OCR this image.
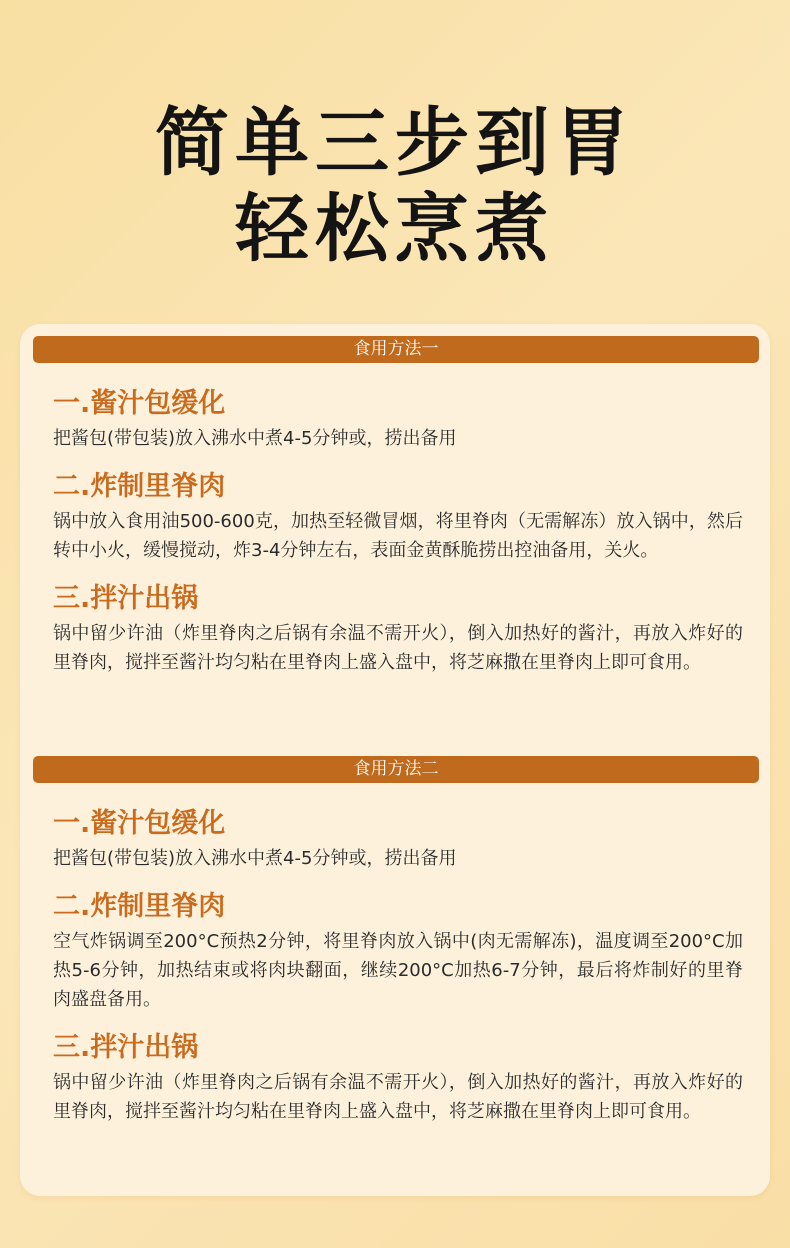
简单三步到胃
轻松烹煮
食用方法一

一.酱汁包缓化

把酱包(带包装)放入沸水中煮4-5分钟或，捞出备用

二.炸制里脊肉

锅中放入食用油500-600克，加热至轻微冒烟，将里脊肉（无需解冻）放入锅中，然后转中小火，缓慢搅动，炸3-4分钟左右，表面金黄酥脆捞出控油备用，关火。

三.拌汁出锅

锅中留少许油（炸里脊肉之后锅有余温不需开火），倒入加热好的酱汁，再放入炸好的里脊肉，搅拌至酱汁均匀粘在里脊肉上盛入盘中，将芝麻撒在里脊肉上即可食用。

食用方法二

一.酱汁包缓化

把酱包(带包装)放入沸水中煮4-5分钟或，捞出备用

二.炸制里脊肉

空气炸锅调至200°C预热2分钟，将里脊肉放入锅中(肉无需解冻)，温度调至200°C加热5-6分钟，加热结束或将肉块翻面，继续200°C加热6-7分钟，最后将炸制好的里脊肉盛盘备用。

三.拌汁出锅

锅中留少许油（炸里脊肉之后锅有余温不需开火），倒入加热好的酱汁，再放入炸好的里脊肉，搅拌至酱汁均匀粘在里脊肉上盛入盘中，将芝麻撒在里脊肉上即可食用。
